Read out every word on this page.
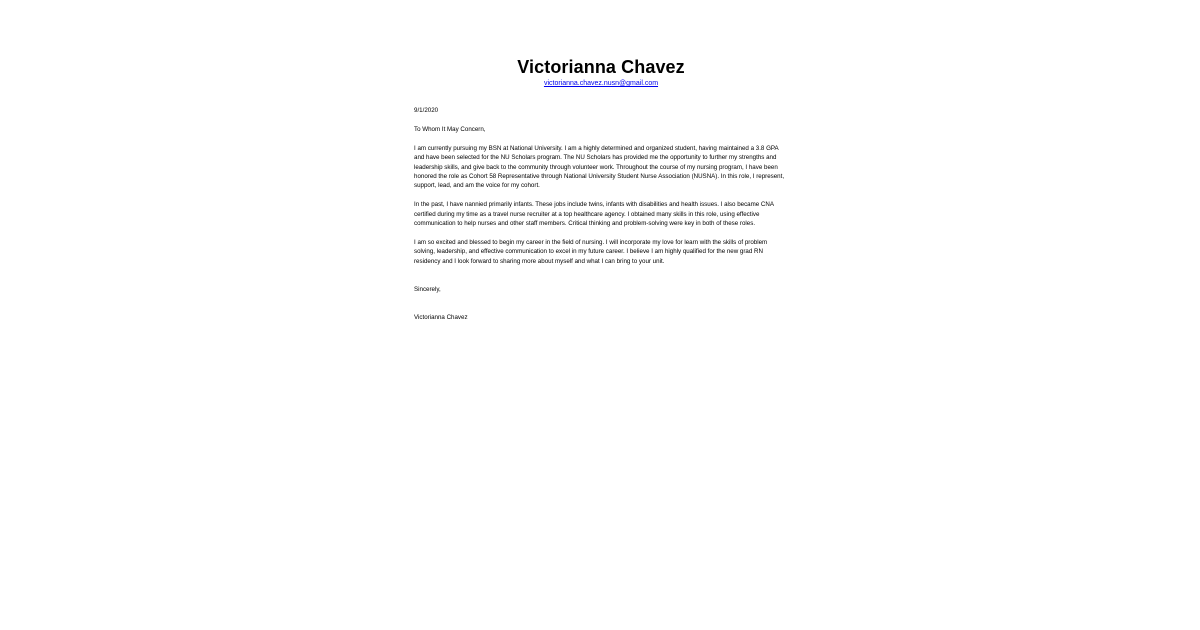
Victorianna Chavez
victorianna.chavez.nusn@gmail.com

9/1/2020

To Whom It May Concern,

I am currently pursuing my BSN at National University. I am a highly determined and organized student, having maintained a 3.8 GPA and have been selected for the NU Scholars program. The NU Scholars has provided me the opportunity to further my strengths and leadership skills, and give back to the community through volunteer work. Throughout the course of my nursing program, I have been honored the role as Cohort 58 Representative through National University Student Nurse Association (NUSNA). In this role, I represent, support, lead, and am the voice for my cohort.

In the past, I have nannied primarily infants. These jobs include twins, infants with disabilities and health issues. I also became CNA certified during my time as a travel nurse recruiter at a top healthcare agency. I obtained many skills in this role, using effective communication to help nurses and other staff members. Critical thinking and problem-solving were key in both of these roles.

I am so excited and blessed to begin my career in the field of nursing. I will incorporate my love for learn with the skills of problem solving, leadership, and effective communication to excel in my future career. I believe I am highly qualified for the new grad RN residency and I look forward to sharing more about myself and what I can bring to your unit.

Sincerely,

Victorianna Chavez
